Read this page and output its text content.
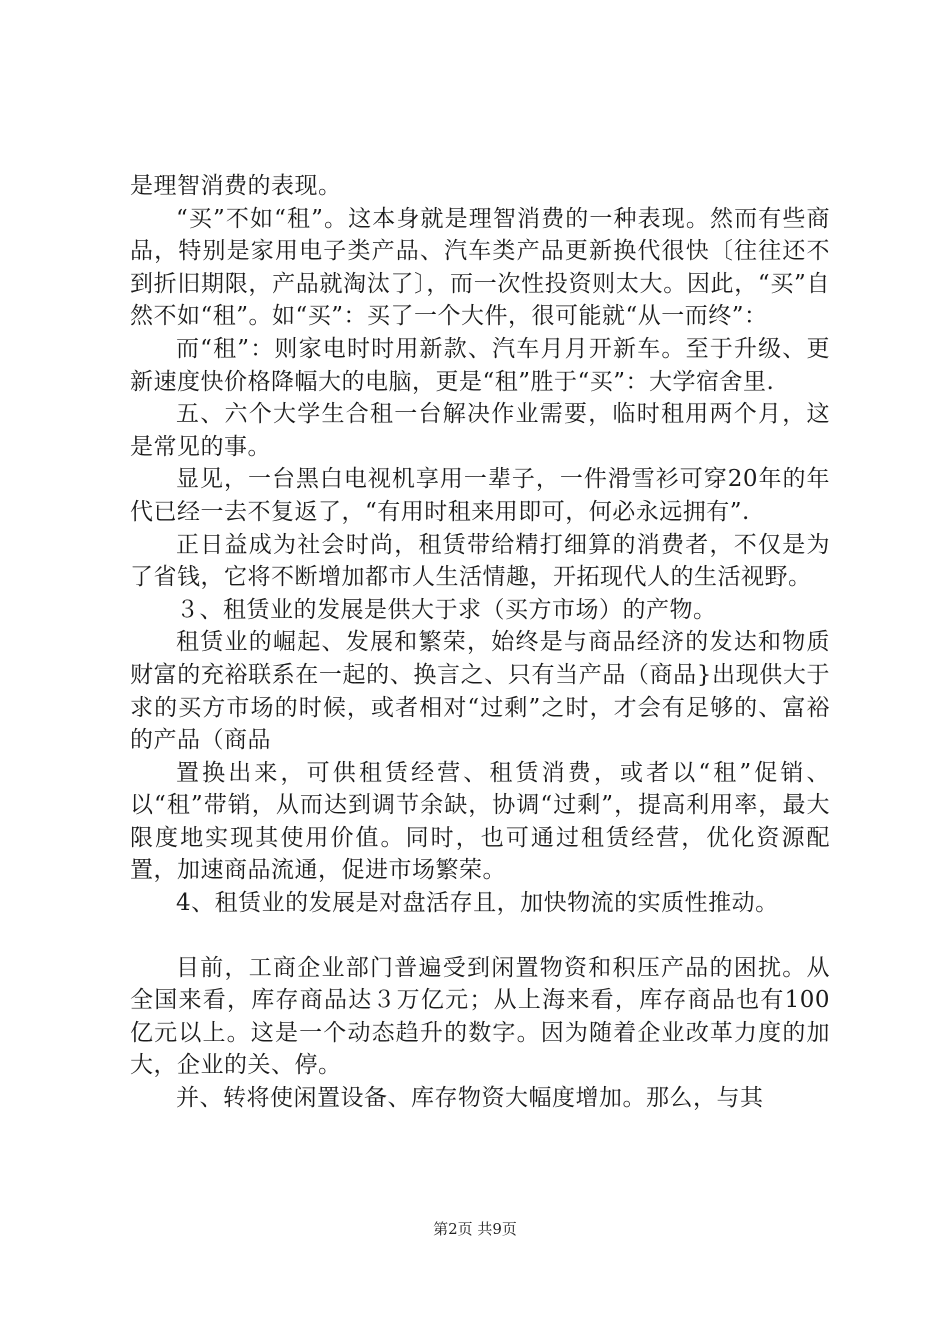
是理智消费的表现。

“买”不如“租”。这本身就是理智消费的一种表现。然而有些商品，特别是家用电子类产品、汽车类产品更新换代很快〔往往还不到折旧期限，产品就淘汰了〕，而一次性投资则太大。因此，“买”自然不如“租”。如“买”：买了一个大件，很可能就“从一而终”：

而“租”：则家电时时用新款、汽车月月开新车。至于升级、更新速度快价格降幅大的电脑，更是“租”胜于“买”：大学宿舍里.

五、六个大学生合租一台解决作业需要，临时租用两个月，这是常见的事。

显见，一台黑白电视机享用一辈子，一件滑雪衫可穿20年的年代已经一去不复返了，“有用时租来用即可，何必永远拥有”.

正日益成为社会时尚，租赁带给精打细算的消费者，不仅是为了省钱，它将不断增加都市人生活情趣，开拓现代人的生活视野。

３、租赁业的发展是供大于求（买方市场）的产物。

租赁业的崛起、发展和繁荣，始终是与商品经济的发达和物质财富的充裕联系在一起的、换言之、只有当产品（商品}出现供大于求的买方市场的时候，或者相对“过剩”之时，才会有足够的、富裕的产品（商品

置换出来，可供租赁经营、租赁消费，或者以“租”促销、以“租”带销，从而达到调节余缺，协调“过剩”，提高利用率，最大限度地实现其使用价值。同时，也可通过租赁经营，优化资源配置，加速商品流通，促进市场繁荣。

4、租赁业的发展是对盘活存且，加快物流的实质性推动。

目前，工商企业部门普遍受到闲置物资和积压产品的困扰。从全国来看，库存商品达３万亿元；从上海来看，库存商品也有100亿元以上。这是一个动态趋升的数字。因为随着企业改革力度的加大，企业的关、停。

并、转将使闲置设备、库存物资大幅度增加。那么，与其

第2页 共9页
